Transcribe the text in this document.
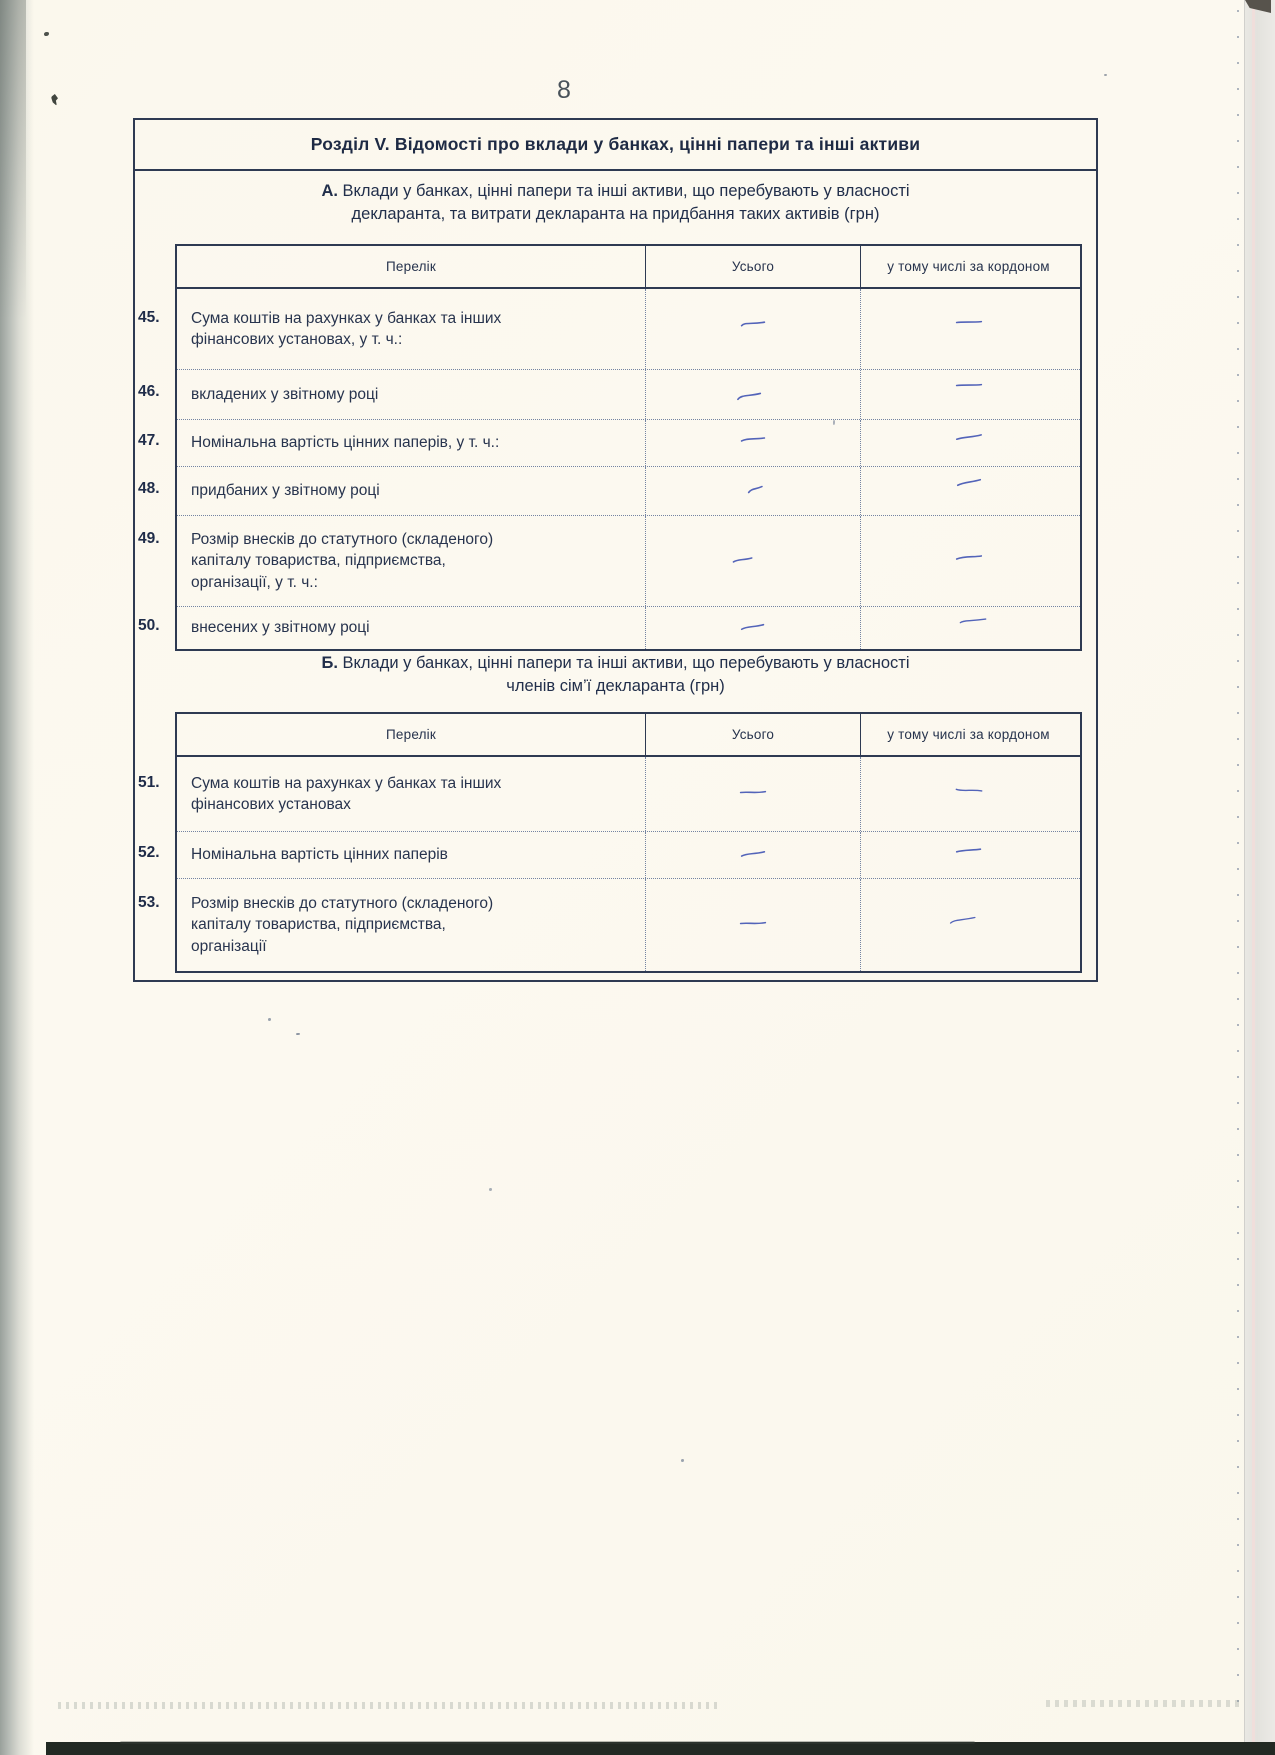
8
Розділ V. Відомості про вклади у банках, цінні папери та інші активи
А. Вклади у банках, цінні папери та інші активи, що перебувають у власності
декларанта, та витрати декларанта на придбання таких активів (грн)
Перелік	Усього	у тому числі за кордоном
45.	Сума коштів на рахунках у банках та інших фінансових установах, у т. ч.:
46.	вкладених у звітному році
47.	Номінальна вартість цінних паперів, у т. ч.:
48.	придбаних у звітному році
49.	Розмір внесків до статутного (складеного) капіталу товариства, підприємства, організації, у т. ч.:
50.	внесених у звітному році
Б. Вклади у банках, цінні папери та інші активи, що перебувають у власності
членів сім’ї декларанта (грн)
Перелік	Усього	у тому числі за кордоном
51.	Сума коштів на рахунках у банках та інших фінансових установах
52.	Номінальна вартість цінних паперів
53.	Розмір внесків до статутного (складеного) капіталу товариства, підприємства, організації
